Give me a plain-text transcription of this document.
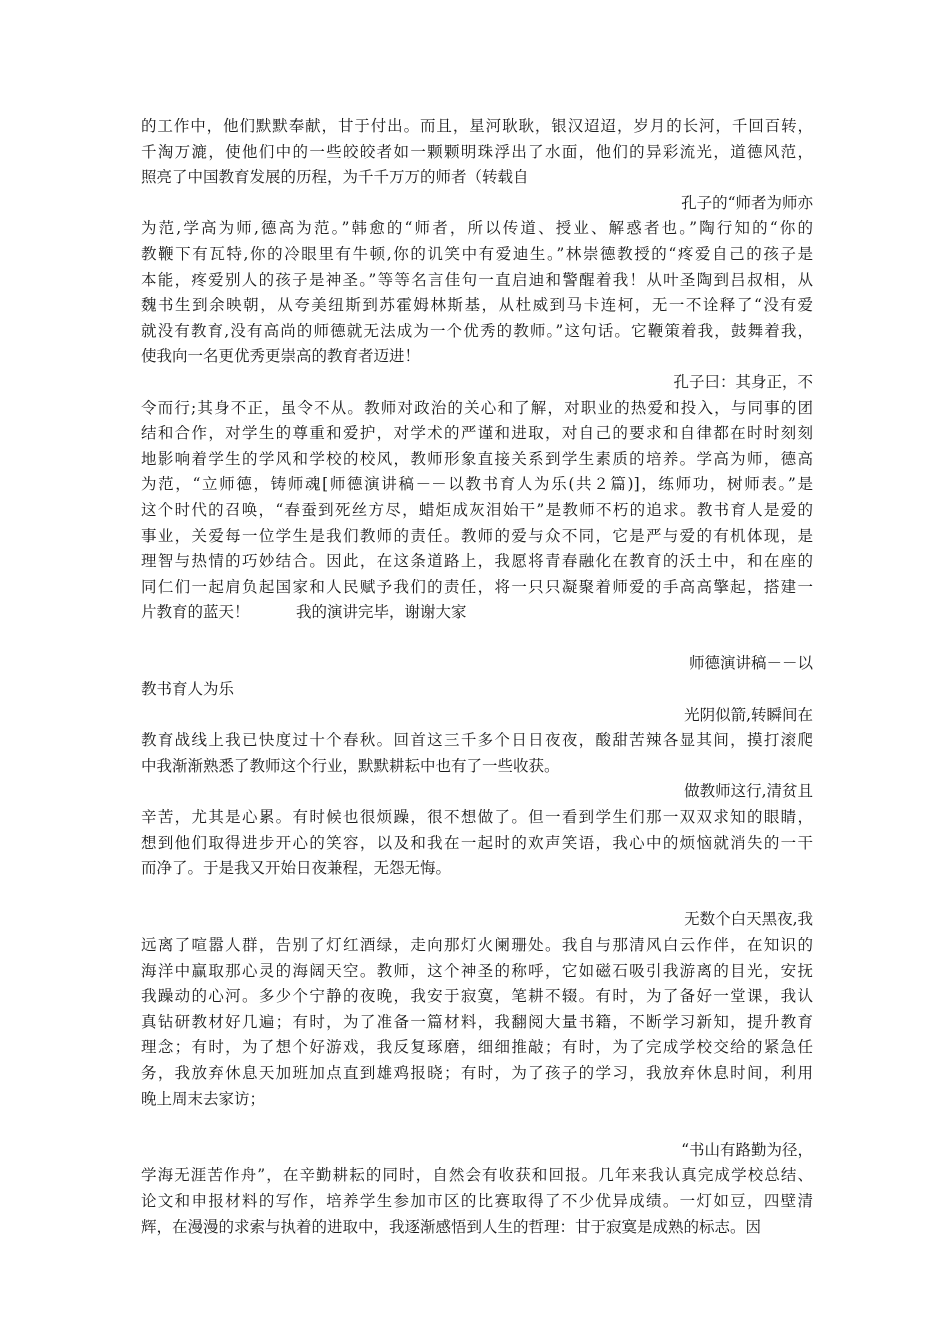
的工作中，他们默默奉献，甘于付出。而且，星河耿耿，银汉迢迢，岁月的长河，千回百转，
千淘万漉，使他们中的一些皎皎者如一颗颗明珠浮出了水面，他们的异彩流光，道德风范，
照亮了中国教育发展的历程，为千千万万的师者（转载自
孔子的“师者为师亦
为范,学高为师,德高为范。”韩愈的“师者，所以传道、授业、解惑者也。”陶行知的“你的
教鞭下有瓦特,你的冷眼里有牛顿,你的讥笑中有爱迪生。”林崇德教授的“疼爱自己的孩子是
本能，疼爱别人的孩子是神圣。”等等名言佳句一直启迪和警醒着我！从叶圣陶到吕叔相，从
魏书生到余映朝，从夸美纽斯到苏霍姆林斯基，从杜威到马卡连柯，无一不诠释了“没有爱
就没有教育,没有高尚的师德就无法成为一个优秀的教师。”这句话。它鞭策着我，鼓舞着我，
使我向一名更优秀更崇高的教育者迈进！
孔子曰：其身正，不
令而行;其身不正，虽令不从。教师对政治的关心和了解，对职业的热爱和投入，与同事的团
结和合作，对学生的尊重和爱护，对学术的严谨和进取，对自己的要求和自律都在时时刻刻
地影响着学生的学风和学校的校风，教师形象直接关系到学生素质的培养。学高为师，德高
为范，“立师德，铸师魂[师德演讲稿－－以教书育人为乐(共２篇)]，练师功，树师表。”是
这个时代的召唤，“春蚕到死丝方尽，蜡炬成灰泪始干”是教师不朽的追求。教书育人是爱的
事业，关爱每一位学生是我们教师的责任。教师的爱与众不同，它是严与爱的有机体现，是
理智与热情的巧妙结合。因此，在这条道路上，我愿将青春融化在教育的沃土中，和在座的
同仁们一起肩负起国家和人民赋予我们的责任，将一只只凝聚着师爱的手高高擎起，搭建一
片教育的蓝天！　　　我的演讲完毕，谢谢大家
师德演讲稿－－以
教书育人为乐
光阴似箭,转瞬间在
教育战线上我已快度过十个春秋。回首这三千多个日日夜夜，酸甜苦辣各显其间，摸打滚爬
中我渐渐熟悉了教师这个行业，默默耕耘中也有了一些收获。
做教师这行,清贫且
辛苦，尤其是心累。有时候也很烦躁，很不想做了。但一看到学生们那一双双求知的眼睛，
想到他们取得进步开心的笑容，以及和我在一起时的欢声笑语，我心中的烦恼就消失的一干
而净了。于是我又开始日夜兼程，无怨无悔。
无数个白天黑夜,我
远离了喧嚣人群，告别了灯红酒绿，走向那灯火阑珊处。我自与那清风白云作伴，在知识的
海洋中赢取那心灵的海阔天空。教师，这个神圣的称呼，它如磁石吸引我游离的目光，安抚
我躁动的心河。多少个宁静的夜晚，我安于寂寞，笔耕不辍。有时，为了备好一堂课，我认
真钻研教材好几遍；有时，为了准备一篇材料，我翻阅大量书籍，不断学习新知，提升教育
理念；有时，为了想个好游戏，我反复琢磨，细细推敲；有时，为了完成学校交给的紧急任
务，我放弃休息天加班加点直到雄鸡报晓；有时，为了孩子的学习，我放弃休息时间，利用
晚上周末去家访；
“书山有路勤为径，
学海无涯苦作舟”，在辛勤耕耘的同时，自然会有收获和回报。几年来我认真完成学校总结、
论文和申报材料的写作，培养学生参加市区的比赛取得了不少优异成绩。一灯如豆，四壁清
辉，在漫漫的求索与执着的进取中，我逐渐感悟到人生的哲理：甘于寂寞是成熟的标志。因
